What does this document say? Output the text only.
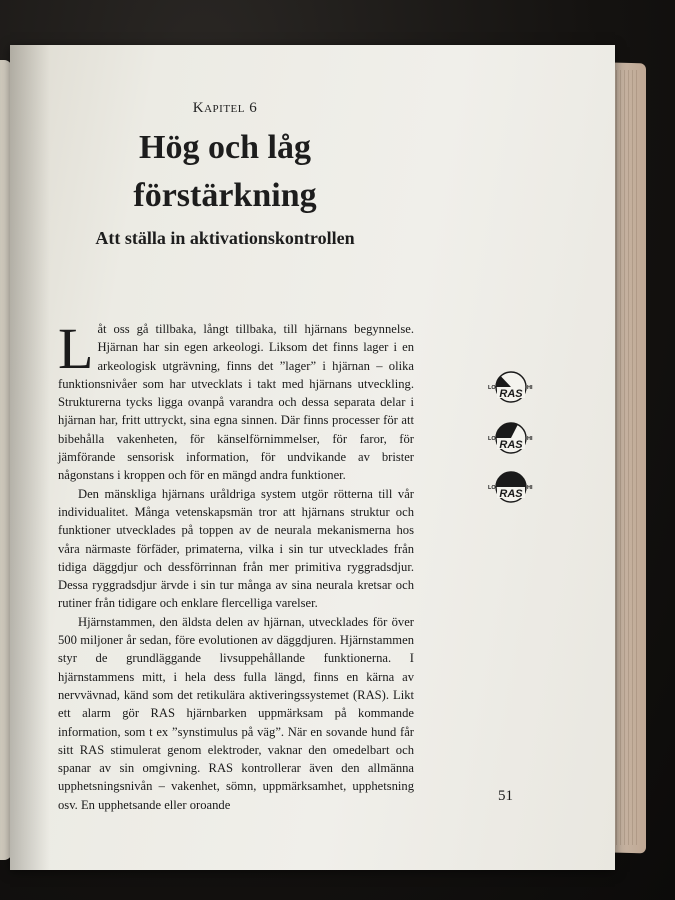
Kapitel 6
Hög och låg
förstärkning
Att ställa in aktivationskontrollen

Låt oss gå tillbaka, långt tillbaka, till hjärnans begynnelse. Hjärnan har sin egen arkeologi. Liksom det finns lager i en arkeologisk utgrävning, finns det ”lager” i hjärnan – olika funktionsnivåer som har utvecklats i takt med hjärnans utveckling. Strukturerna tycks ligga ovanpå varandra och dessa separata delar i hjärnan har, fritt uttryckt, sina egna sinnen. Där finns processer för att bibehålla vakenheten, för känselförnimmelser, för faror, för jämförande sensorisk information, för undvikande av brister någonstans i kroppen och för en mängd andra funktioner.

Den mänskliga hjärnans uråldriga system utgör rötterna till vår individualitet. Många vetenskapsmän tror att hjärnans struktur och funktioner utvecklades på toppen av de neurala mekanismerna hos våra närmaste förfäder, primaterna, vilka i sin tur utvecklades från tidiga däggdjur och dessförrinnan från mer primitiva ryggradsdjur. Dessa ryggradsdjur ärvde i sin tur många av sina neurala kretsar och rutiner från tidigare och enklare flercelliga varelser.

Hjärnstammen, den äldsta delen av hjärnan, utvecklades för över 500 miljoner år sedan, före evolutionen av däggdjuren. Hjärnstammen styr de grundläggande livsuppehållande funktionerna. I hjärnstammens mitt, i hela dess fulla längd, finns en kärna av nervvävnad, känd som det retikulära aktiveringssystemet (RAS). Likt ett alarm gör RAS hjärnbarken uppmärksam på kommande information, som t ex ”synstimulus på väg”. När en sovande hund får sitt RAS stimulerat genom elektroder, vaknar den omedelbart och spanar av sin omgivning. RAS kontrollerar även den allmänna upphetsningsnivån – vakenhet, sömn, uppmärksamhet, upphetsning osv. En upphetsande eller oroande

RAS
LO	HI
RAS
LO	HI
RAS
LO	HI
51
